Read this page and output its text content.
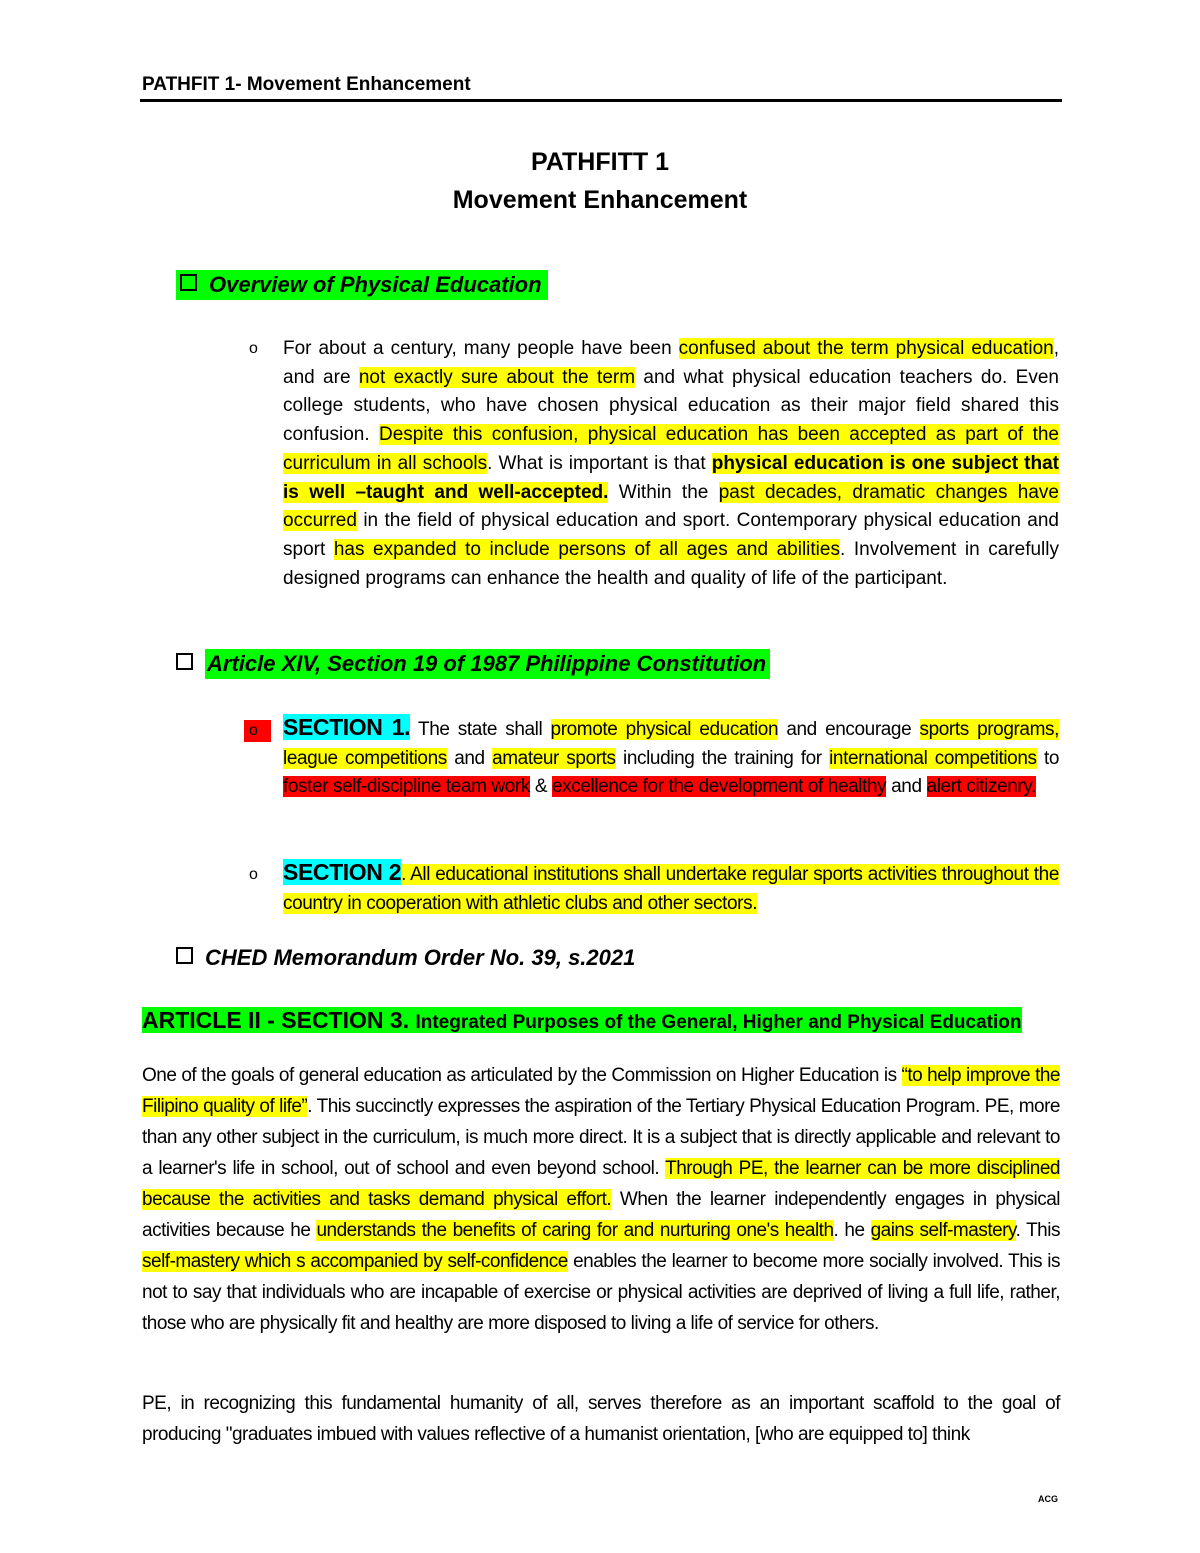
PATHFIT 1- Movement Enhancement
PATHFITT 1
Movement Enhancement
Overview of Physical Education
o	For about a century, many people have been confused about the term physical education, and are not exactly sure about the term and what physical education teachers do. Even college students, who have chosen physical education as their major field shared this confusion. Despite this confusion, physical education has been accepted as part of the curriculum in all schools. What is important is that physical education is one subject that is well –taught and well-accepted. Within the past decades, dramatic changes have occurred in the field of physical education and sport. Contemporary physical education and sport has expanded to include persons of all ages and abilities. Involvement in carefully designed programs can enhance the health and quality of life of the participant.
Article XIV, Section 19 of 1987 Philippine Constitution
o	SECTION 1. The state shall promote physical education and encourage sports programs, league competitions and amateur sports including the training for international competitions to foster self-discipline team work & excellence for the development of healthy and alert citizenry.
o	SECTION 2. All educational institutions shall undertake regular sports activities throughout the country in cooperation with athletic clubs and other sectors.
CHED Memorandum Order No. 39, s.2021
ARTICLE II - SECTION 3. Integrated Purposes of the General, Higher and Physical Education
One of the goals of general education as articulated by the Commission on Higher Education is “to help improve the Filipino quality of life”. This succinctly expresses the aspiration of the Tertiary Physical Education Program. PE, more than any other subject in the curriculum, is much more direct. It is a subject that is directly applicable and relevant to a learner's life in school, out of school and even beyond school. Through PE, the learner can be more disciplined because the activities and tasks demand physical effort. When the learner independently engages in physical activities because he understands the benefits of caring for and nurturing one's health. he gains self-mastery. This self-mastery which s accompanied by self-confidence enables the learner to become more socially involved. This is not to say that individuals who are incapable of exercise or physical activities are deprived of living a full life, rather, those who are physically fit and healthy are more disposed to living a life of service for others.
PE, in recognizing this fundamental humanity of all, serves therefore as an important scaffold to the goal of producing "graduates imbued with values reflective of a humanist orientation, [who are equipped to] think
ACG
